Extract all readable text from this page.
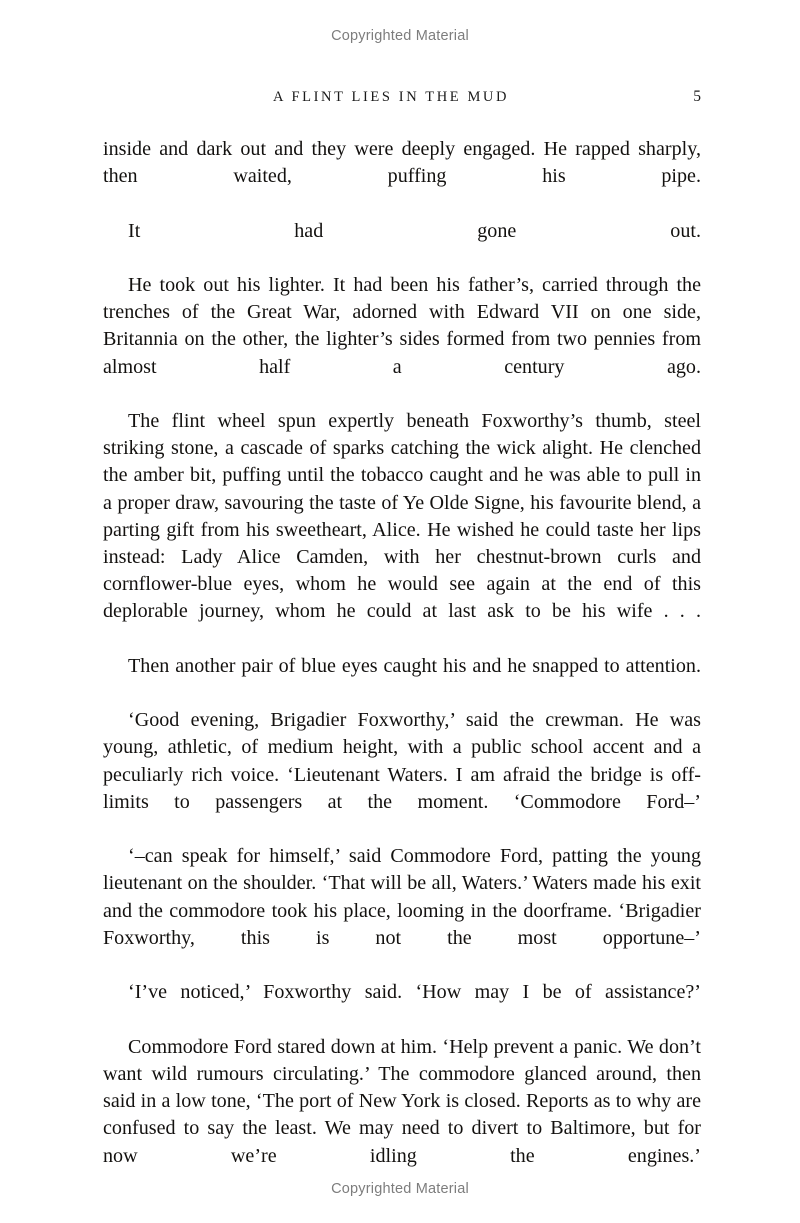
Copyrighted Material
A FLINT LIES IN THE MUD	5

inside and dark out and they were deeply engaged. He rapped sharply, then waited, puffing his pipe.

It had gone out.

He took out his lighter. It had been his father’s, carried through the trenches of the Great War, adorned with Edward VII on one side, Britannia on the other, the lighter’s sides formed from two pennies from almost half a century ago.

The flint wheel spun expertly beneath Foxworthy’s thumb, steel striking stone, a cascade of sparks catching the wick alight. He clenched the amber bit, puffing until the tobacco caught and he was able to pull in a proper draw, savouring the taste of Ye Olde Signe, his favourite blend, a parting gift from his sweetheart, Alice. He wished he could taste her lips instead: Lady Alice Camden, with her chestnut-brown curls and cornflower-blue eyes, whom he would see again at the end of this deplorable journey, whom he could at last ask to be his wife . . .

Then another pair of blue eyes caught his and he snapped to attention.

‘Good evening, Brigadier Foxworthy,’ said the crewman. He was young, athletic, of medium height, with a public school accent and a peculiarly rich voice. ‘Lieutenant Waters. I am afraid the bridge is off-limits to passengers at the moment. ‘Commodore Ford–’

‘–can speak for himself,’ said Commodore Ford, patting the young lieutenant on the shoulder. ‘That will be all, Waters.’ Waters made his exit and the commodore took his place, looming in the doorframe. ‘Brigadier Foxworthy, this is not the most opportune–’

‘I’ve noticed,’ Foxworthy said. ‘How may I be of assistance?’

Commodore Ford stared down at him. ‘Help prevent a panic. We don’t want wild rumours circulating.’ The commodore glanced around, then said in a low tone, ‘The port of New York is closed. Reports as to why are confused to say the least. We may need to divert to Baltimore, but for now we’re idling the engines.’

Copyrighted Material
